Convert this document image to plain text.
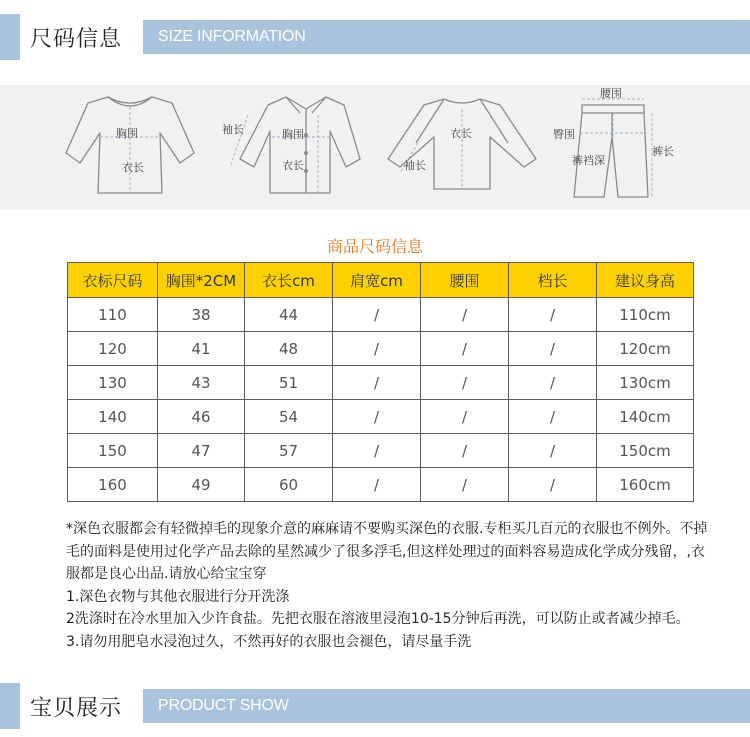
尺码信息 SIZE INFORMATION
胸围
衣长
袖长	胸围
衣长
衣长
袖长
腰围
臀围
裤裆深
裤长
商品尺码信息
衣标尺码	胸围*2CM	衣长cm	肩宽cm	腰围	档长	建议身高
110	38	44	/	/	/	110cm
120	41	48	/	/	/	120cm
130	43	51	/	/	/	130cm
140	46	54	/	/	/	140cm
150	47	57	/	/	/	150cm
160	49	60	/	/	/	160cm

*深色衣服都会有轻微掉毛的现象介意的麻麻请不要购买深色的衣服.专柜买几百元的衣服也不例外。不掉毛的面料是使用过化学产品去除的星然减少了很多浮毛,但这样处理过的面料容易造成化学成分残留，,衣服都是良心出品.请放心给宝宝穿

1.深色衣物与其他衣服进行分开洗涤

2洗涤时在冷水里加入少许食盐。先把衣服在溶液里浸泡10-15分钟后再洗，可以防止或者减少掉毛。

3.请勿用肥皂水浸泡过久，不然再好的衣服也会褪色，请尽量手洗

宝贝展示 PRODUCT SHOW
